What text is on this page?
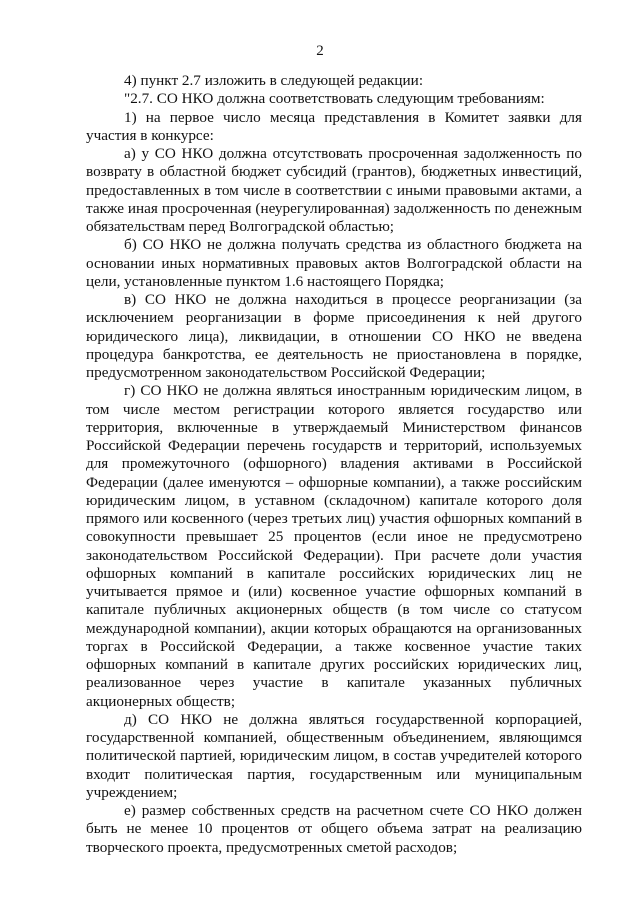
2

4) пункт 2.7 изложить в следующей редакции:

"2.7. СО НКО должна соответствовать следующим требованиям:

1) на первое число месяца представления в Комитет заявки для участия в конкурсе:

а) у СО НКО должна отсутствовать просроченная задолженность по возврату в областной бюджет субсидий (грантов), бюджетных инвестиций, предоставленных в том числе в соответствии с иными правовыми актами, а также иная просроченная (неурегулированная) задолженность по денежным обязательствам перед Волгоградской областью;

б) СО НКО не должна получать средства из областного бюджета на основании иных нормативных правовых актов Волгоградской области на цели, установленные пунктом 1.6 настоящего Порядка;

в) СО НКО не должна находиться в процессе реорганизации (за исключением реорганизации в форме присоединения к ней другого юридического лица), ликвидации, в отношении СО НКО не введена процедура банкротства, ее деятельность не приостановлена в порядке, предусмотренном законодательством Российской Федерации;

г) СО НКО не должна являться иностранным юридическим лицом, в том числе местом регистрации которого является государство или территория, включенные в утверждаемый Министерством финансов Российской Федерации перечень государств и территорий, используемых для промежуточного (офшорного) владения активами в Российской Федерации (далее именуются – офшорные компании), а также российским юридическим лицом, в уставном (складочном) капитале которого доля прямого или косвенного (через третьих лиц) участия офшорных компаний в совокупности превышает 25 процентов (если иное не предусмотрено законодательством Российской Федерации). При расчете доли участия офшорных компаний в капитале российских юридических лиц не учитывается прямое и (или) косвенное участие офшорных компаний в капитале публичных акционерных обществ (в том числе со статусом международной компании), акции которых обращаются на организованных торгах в Российской Федерации, а также косвенное участие таких офшорных компаний в капитале других российских юридических лиц, реализованное через участие в капитале указанных публичных акционерных обществ;

д) СО НКО не должна являться государственной корпорацией, государственной компанией, общественным объединением, являющимся политической партией, юридическим лицом, в состав учредителей которого входит политическая партия, государственным или муниципальным учреждением;

е) размер собственных средств на расчетном счете СО НКО должен быть не менее 10 процентов от общего объема затрат на реализацию творческого проекта, предусмотренных сметой расходов;
